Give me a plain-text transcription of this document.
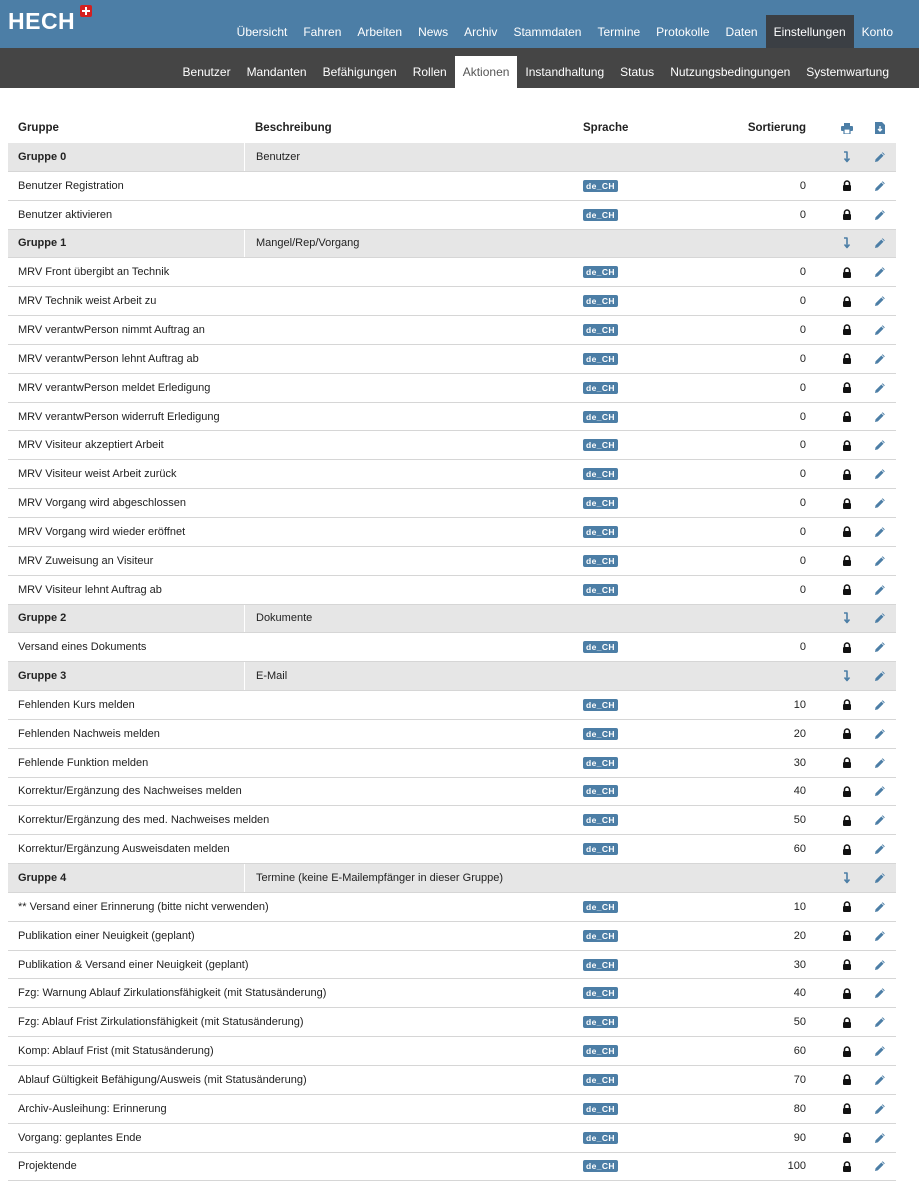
HECH	Übersicht	Fahren	Arbeiten	News	Archiv	Stammdaten	Termine	Protokolle	Daten	Einstellungen	Konto
Benutzer	Mandanten	Befähigungen	Rollen	Aktionen	Instandhaltung	Status	Nutzungsbedingungen	Systemwartung
Gruppe	Beschreibung	Sprache	Sortierung
Gruppe 0	Benutzer
Benutzer Registration	de_CH	0
Benutzer aktivieren	de_CH	0
Gruppe 1	Mangel/Rep/Vorgang
MRV Front übergibt an Technik	de_CH	0
MRV Technik weist Arbeit zu	de_CH	0
MRV verantwPerson nimmt Auftrag an	de_CH	0
MRV verantwPerson lehnt Auftrag ab	de_CH	0
MRV verantwPerson meldet Erledigung	de_CH	0
MRV verantwPerson widerruft Erledigung	de_CH	0
MRV Visiteur akzeptiert Arbeit	de_CH	0
MRV Visiteur weist Arbeit zurück	de_CH	0
MRV Vorgang wird abgeschlossen	de_CH	0
MRV Vorgang wird wieder eröffnet	de_CH	0
MRV Zuweisung an Visiteur	de_CH	0
MRV Visiteur lehnt Auftrag ab	de_CH	0
Gruppe 2	Dokumente
Versand eines Dokuments	de_CH	0
Gruppe 3	E-Mail
Fehlenden Kurs melden	de_CH	10
Fehlenden Nachweis melden	de_CH	20
Fehlende Funktion melden	de_CH	30
Korrektur/Ergänzung des Nachweises melden	de_CH	40
Korrektur/Ergänzung des med. Nachweises melden	de_CH	50
Korrektur/Ergänzung Ausweisdaten melden	de_CH	60
Gruppe 4	Termine (keine E-Mailempfänger in dieser Gruppe)
** Versand einer Erinnerung (bitte nicht verwenden)	de_CH	10
Publikation einer Neuigkeit (geplant)	de_CH	20
Publikation & Versand einer Neuigkeit (geplant)	de_CH	30
Fzg: Warnung Ablauf Zirkulationsfähigkeit (mit Statusänderung)	de_CH	40
Fzg: Ablauf Frist Zirkulationsfähigkeit (mit Statusänderung)	de_CH	50
Komp: Ablauf Frist (mit Statusänderung)	de_CH	60
Ablauf Gültigkeit Befähigung/Ausweis (mit Statusänderung)	de_CH	70
Archiv-Ausleihung: Erinnerung	de_CH	80
Vorgang: geplantes Ende	de_CH	90
Projektende	de_CH	100
